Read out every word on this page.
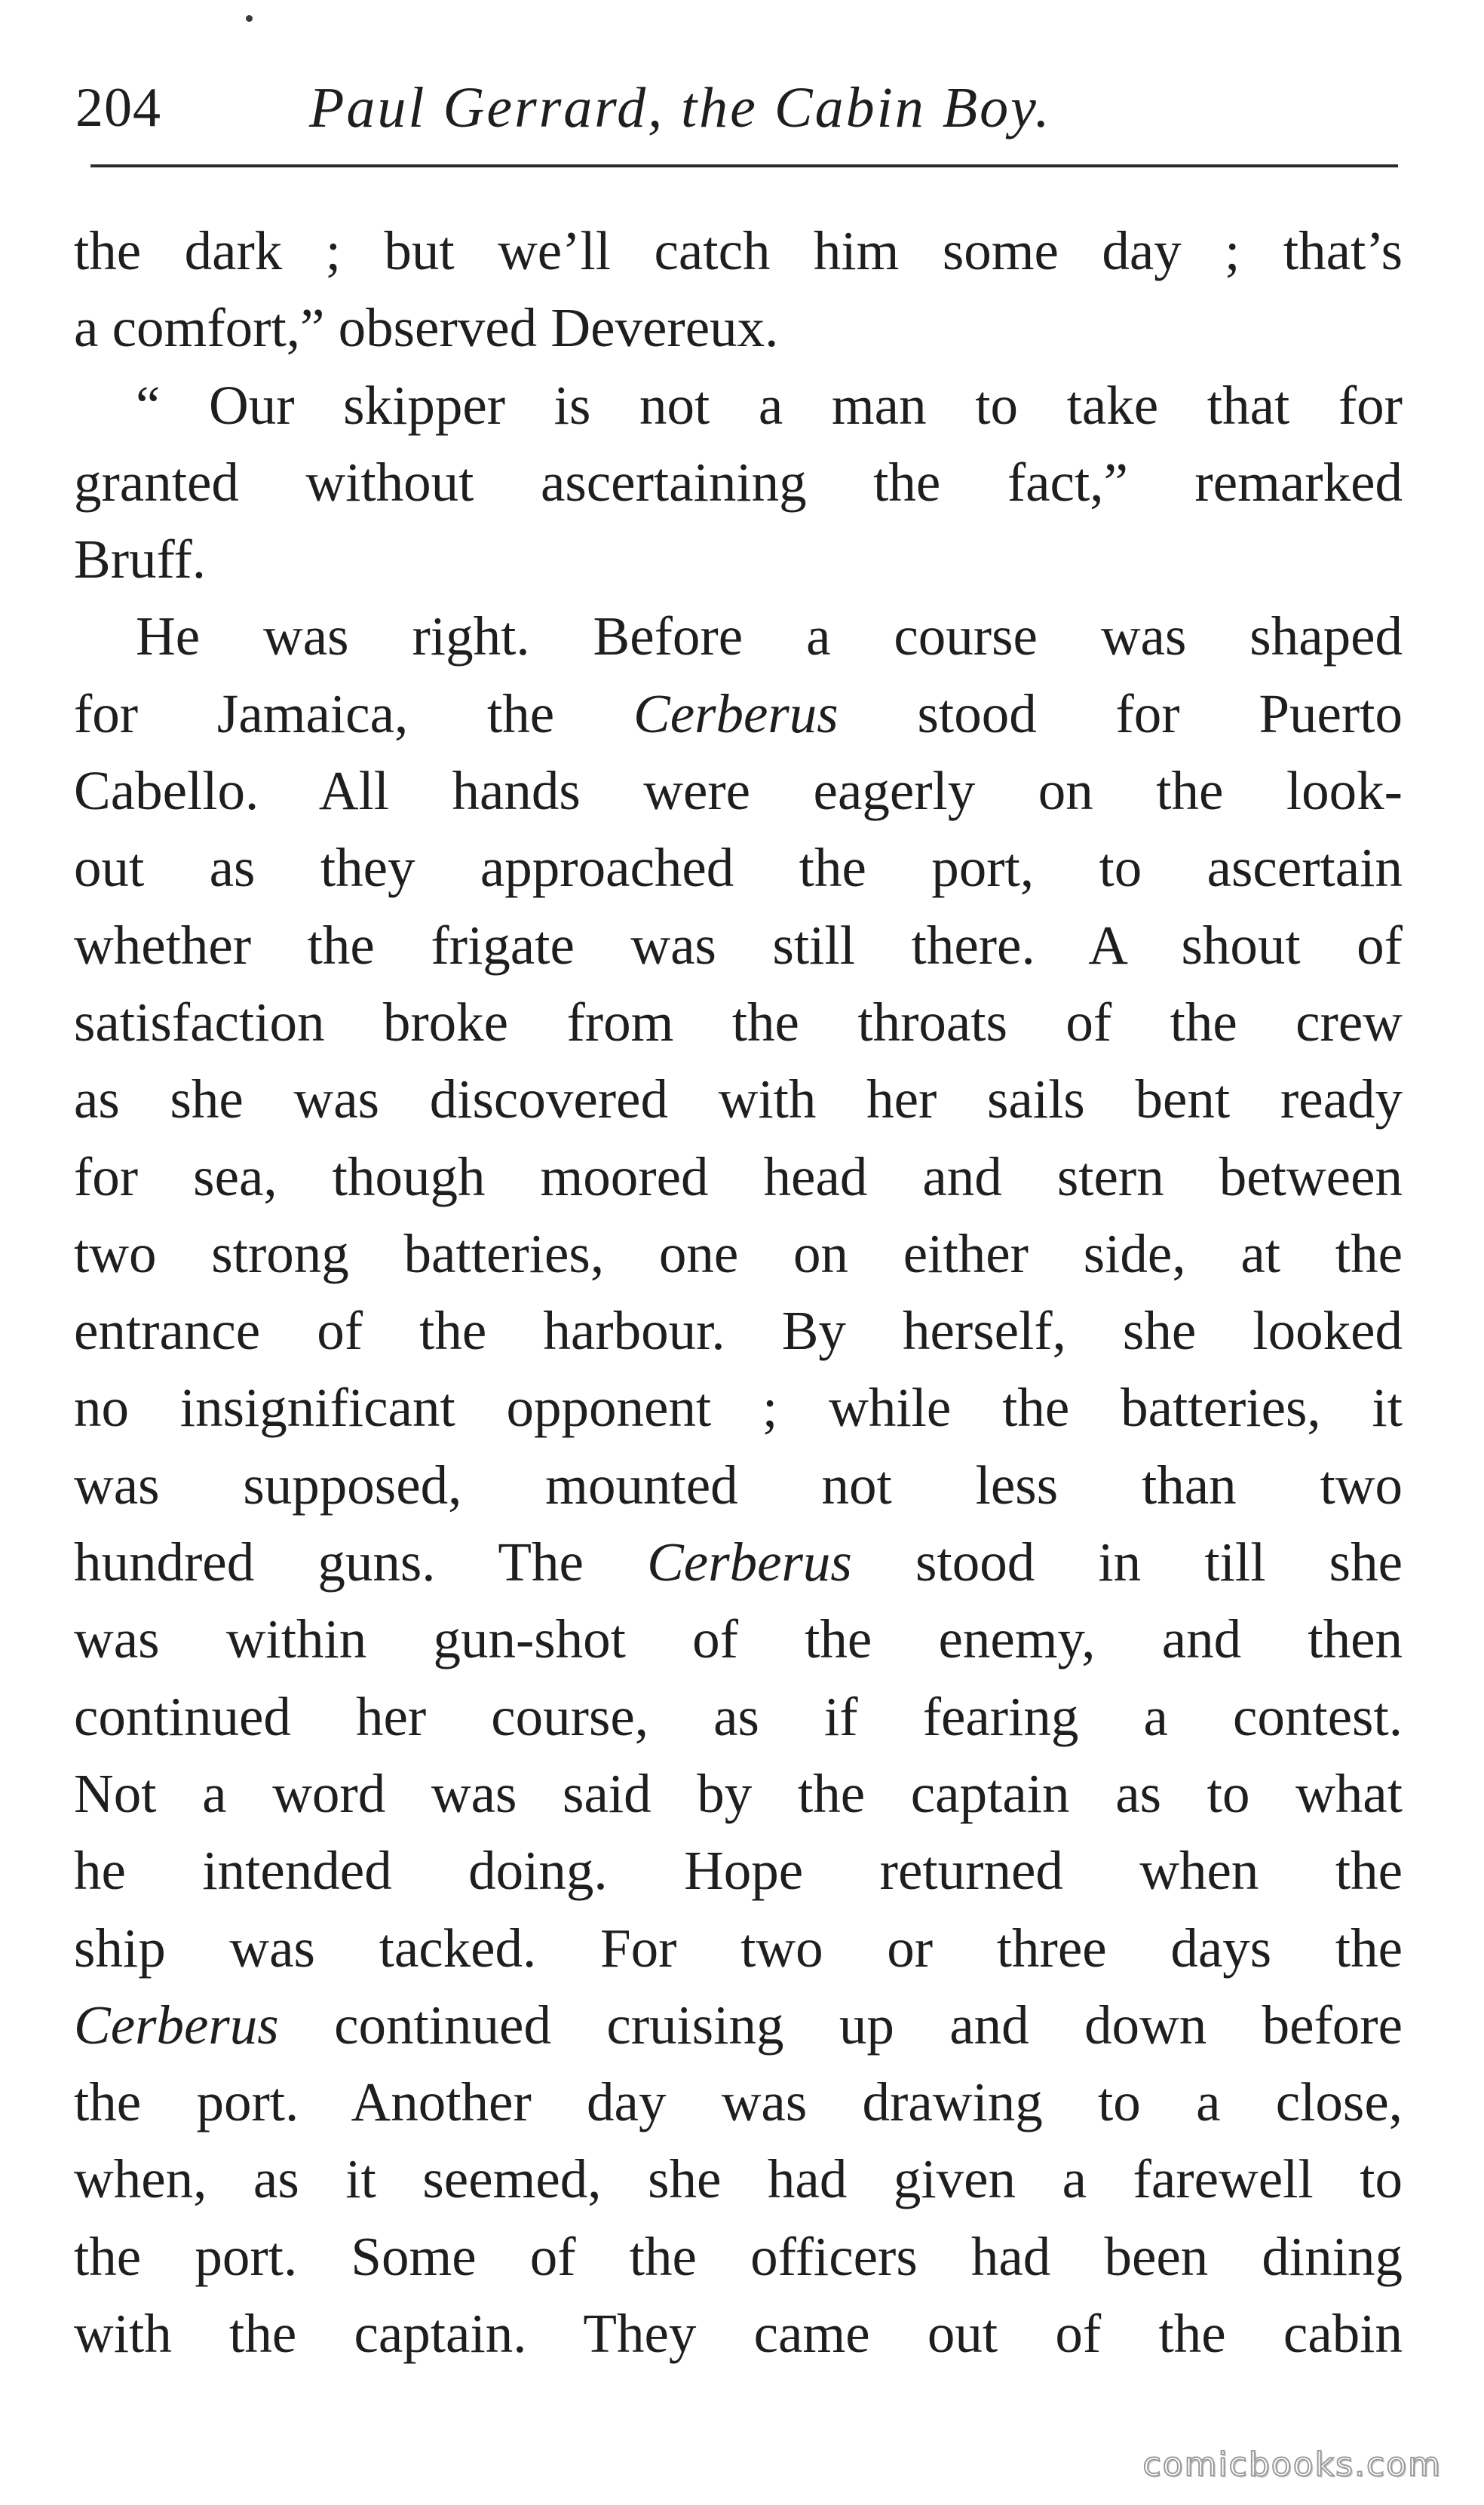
204	Paul Gerrard, the Cabin Boy.
the dark ; but we’ll catch him some day ; that’s
a comfort,” observed Devereux.
“ Our skipper is not a man to take that for
granted without ascertaining the fact,” remarked
Bruff.
He was right. Before a course was shaped
for Jamaica, the Cerberus stood for Puerto
Cabello. All hands were eagerly on the look-
out as they approached the port, to ascertain
whether the frigate was still there. A shout of
satisfaction broke from the throats of the crew
as she was discovered with her sails bent ready
for sea, though moored head and stern between
two strong batteries, one on either side, at the
entrance of the harbour. By herself, she looked
no insignificant opponent ; while the batteries, it
was supposed, mounted not less than two
hundred guns. The Cerberus stood in till she
was within gun-shot of the enemy, and then
continued her course, as if fearing a contest.
Not a word was said by the captain as to what
he intended doing. Hope returned when the
ship was tacked. For two or three days the
Cerberus continued cruising up and down before
the port. Another day was drawing to a close,
when, as it seemed, she had given a farewell to
the port. Some of the officers had been dining
with the captain. They came out of the cabin
comicbooks.com
